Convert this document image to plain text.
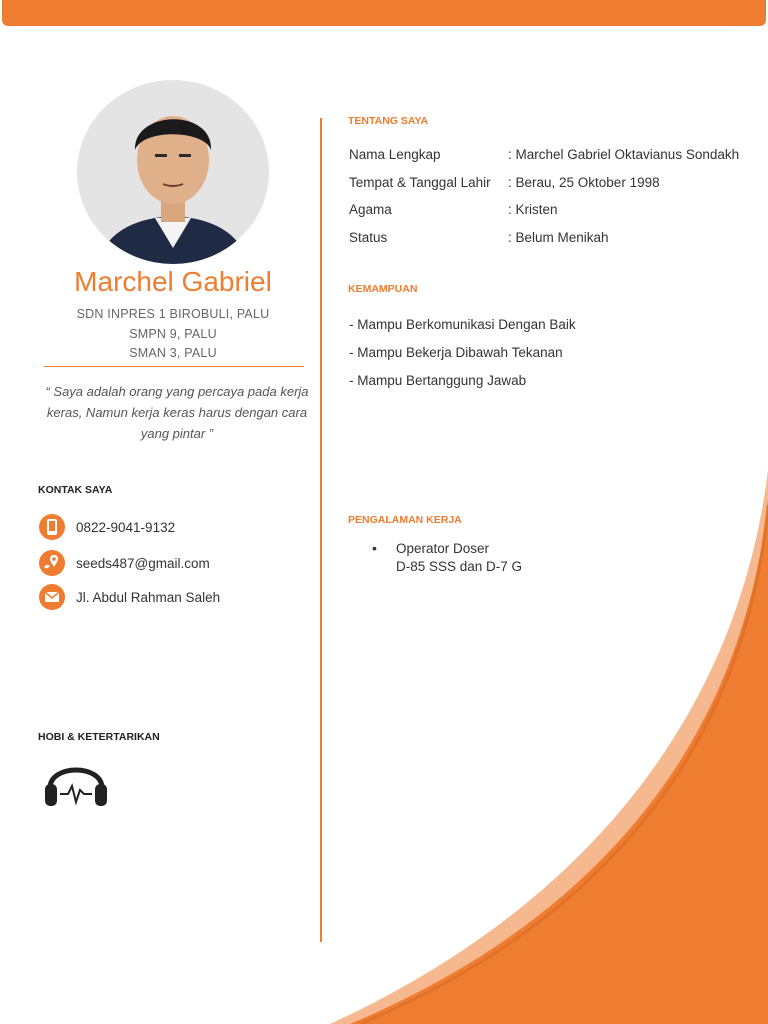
Marchel Gabriel
SDN INPRES 1 BIROBULI, PALU
SMPN 9, PALU
SMAN 3, PALU
“ Saya adalah orang yang percaya pada kerja keras, Namun kerja keras harus dengan cara yang pintar ”
KONTAK SAYA
0822-9041-9132
seeds487@gmail.com
Jl. Abdul Rahman Saleh
HOBI & KETERTARIKAN
TENTANG SAYA
Nama Lengkap	: Marchel Gabriel Oktavianus Sondakh
Tempat & Tanggal Lahir	: Berau, 25 Oktober 1998
Agama	: Kristen
Status	: Belum Menikah
KEMAMPUAN
- Mampu Berkomunikasi Dengan Baik
- Mampu Bekerja Dibawah Tekanan
- Mampu Bertanggung Jawab
PENGALAMAN KERJA
•	Operator Doser
D-85 SSS dan D-7 G
